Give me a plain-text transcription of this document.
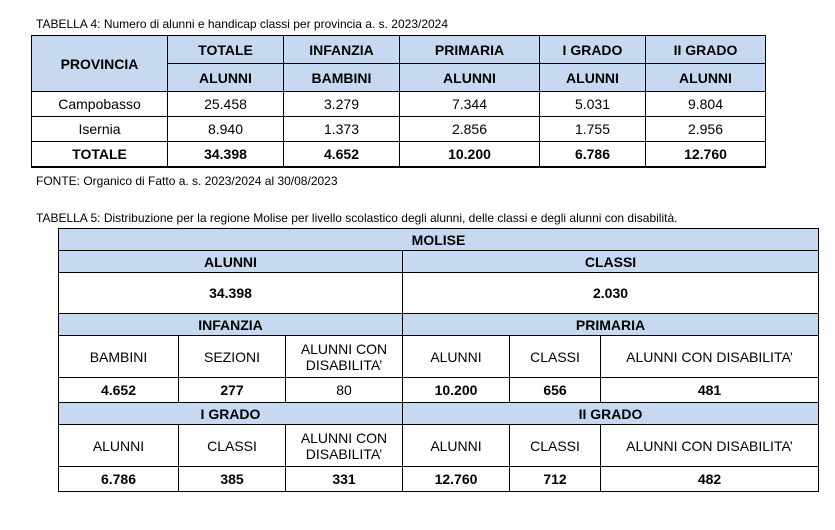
TABELLA 4: Numero di alunni e handicap classi per provincia a. s. 2023/2024
PROVINCIA	TOTALE	INFANZIA	PRIMARIA	I GRADO	II GRADO
	ALUNNI	BAMBINI	ALUNNI	ALUNNI	ALUNNI
Campobasso	25.458	3.279	7.344	5.031	9.804
Isernia	8.940	1.373	2.856	1.755	2.956
TOTALE	34.398	4.652	10.200	6.786	12.760
FONTE: Organico di Fatto a. s. 2023/2024 al 30/08/2023
TABELLA 5: Distribuzione per la regione Molise per livello scolastico degli alunni, delle classi e degli alunni con disabilità.
MOLISE					
ALUNNI			CLASSI		
34.398			2.030		
INFANZIA			PRIMARIA		
BAMBINI	SEZIONI	ALUNNI CON DISABILITA’	ALUNNI	CLASSI	ALUNNI CON DISABILITA’
4.652	277	80	10.200	656	481
I GRADO			II GRADO		
ALUNNI	CLASSI	ALUNNI CON DISABILITA’	ALUNNI	CLASSI	ALUNNI CON DISABILITA’
6.786	385	331	12.760	712	482
